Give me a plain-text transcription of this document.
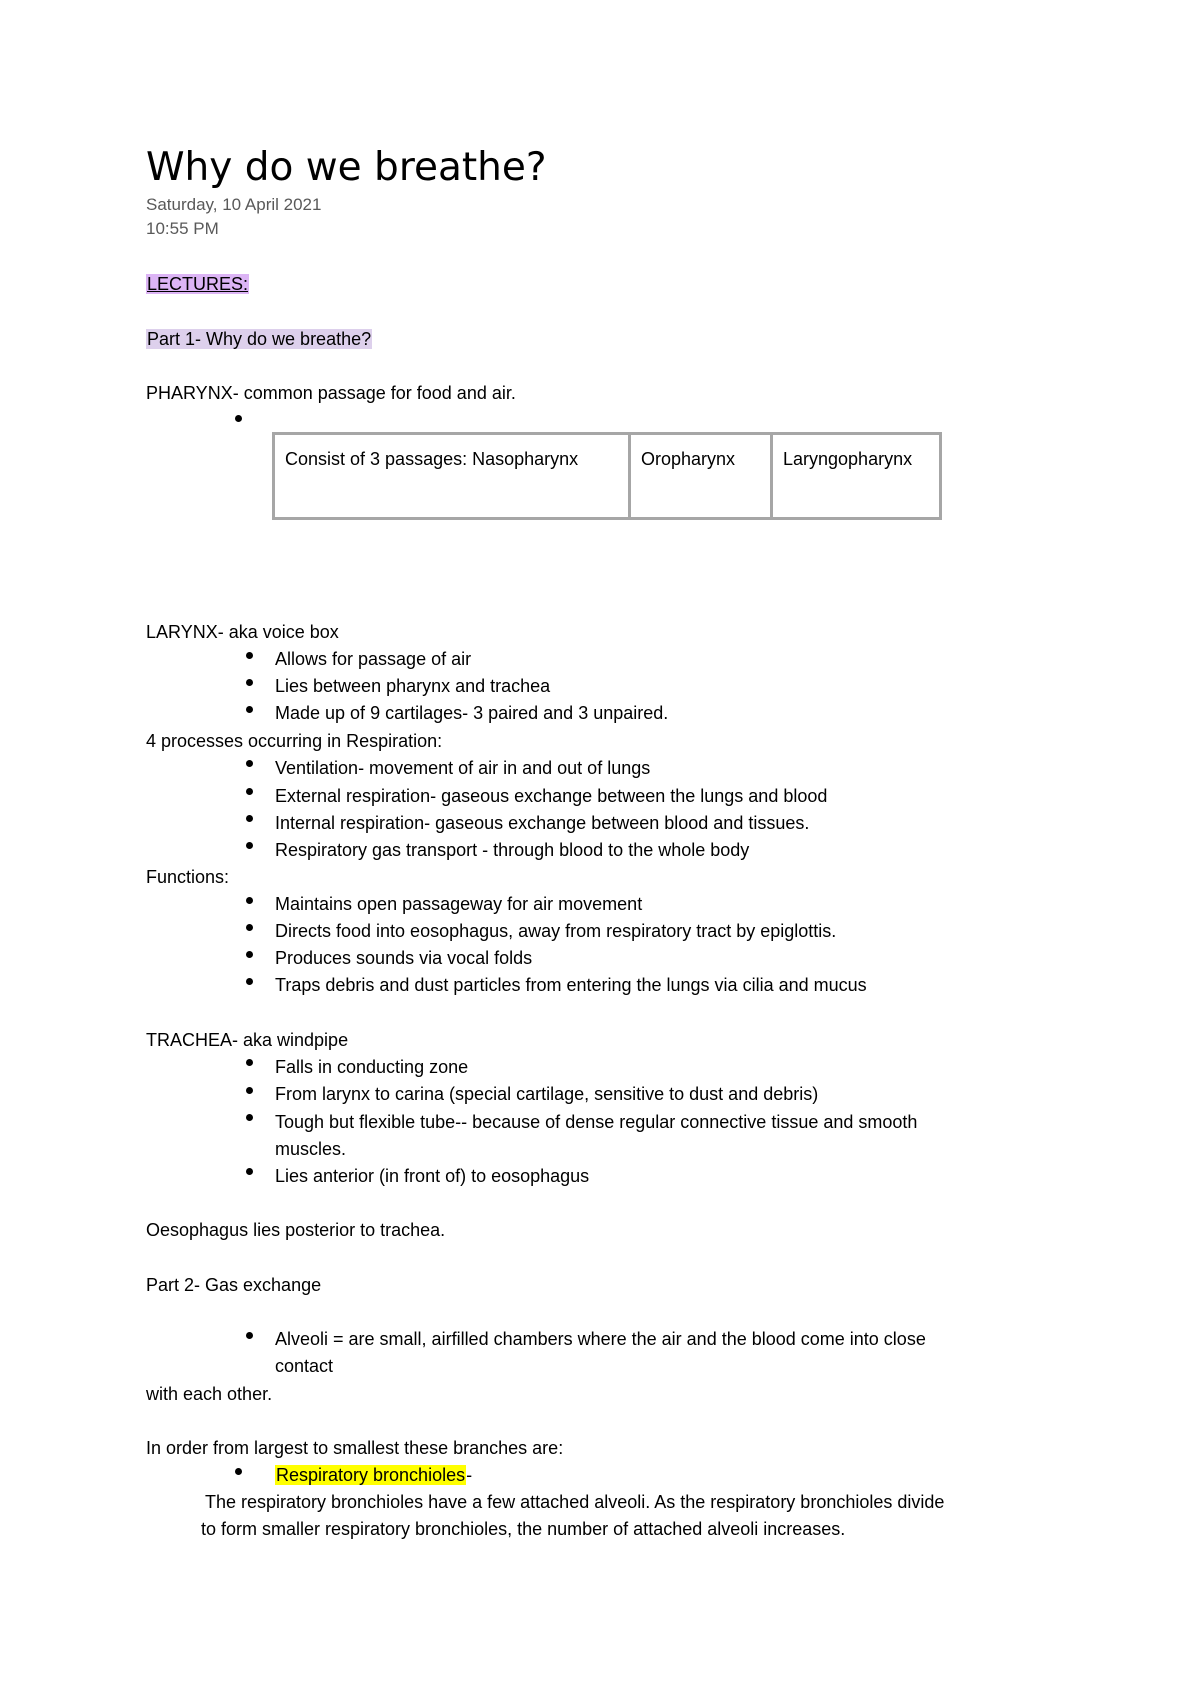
Why do we breathe?
Saturday, 10 April 2021
10:55 PM
LECTURES:
Part 1- Why do we breathe?
PHARYNX- common passage for food and air.
Consist of 3 passages: Nasopharynx	Oropharynx	Laryngopharynx
LARYNX- aka voice box
Allows for passage of air
Lies between pharynx and trachea
Made up of 9 cartilages- 3 paired and 3 unpaired.
4 processes occurring in Respiration:
Ventilation- movement of air in and out of lungs
External respiration- gaseous exchange between the lungs and blood
Internal respiration- gaseous exchange between blood and tissues.
Respiratory gas transport - through blood to the whole body
Functions:
Maintains open passageway for air movement
Directs food into eosophagus, away from respiratory tract by epiglottis.
Produces sounds via vocal folds
Traps debris and dust particles from entering the lungs via cilia and mucus
TRACHEA- aka windpipe
Falls in conducting zone
From larynx to carina (special cartilage, sensitive to dust and debris)
Tough but flexible tube-- because of dense regular connective tissue and smooth
muscles.
Lies anterior (in front of) to eosophagus
Oesophagus lies posterior to trachea.
Part 2- Gas exchange
Alveoli = are small, airfilled chambers where the air and the blood come into close
contact
with each other.
In order from largest to smallest these branches are:
Respiratory bronchioles-
The respiratory bronchioles have a few attached alveoli. As the respiratory bronchioles divide
to form smaller respiratory bronchioles, the number of attached alveoli increases.
